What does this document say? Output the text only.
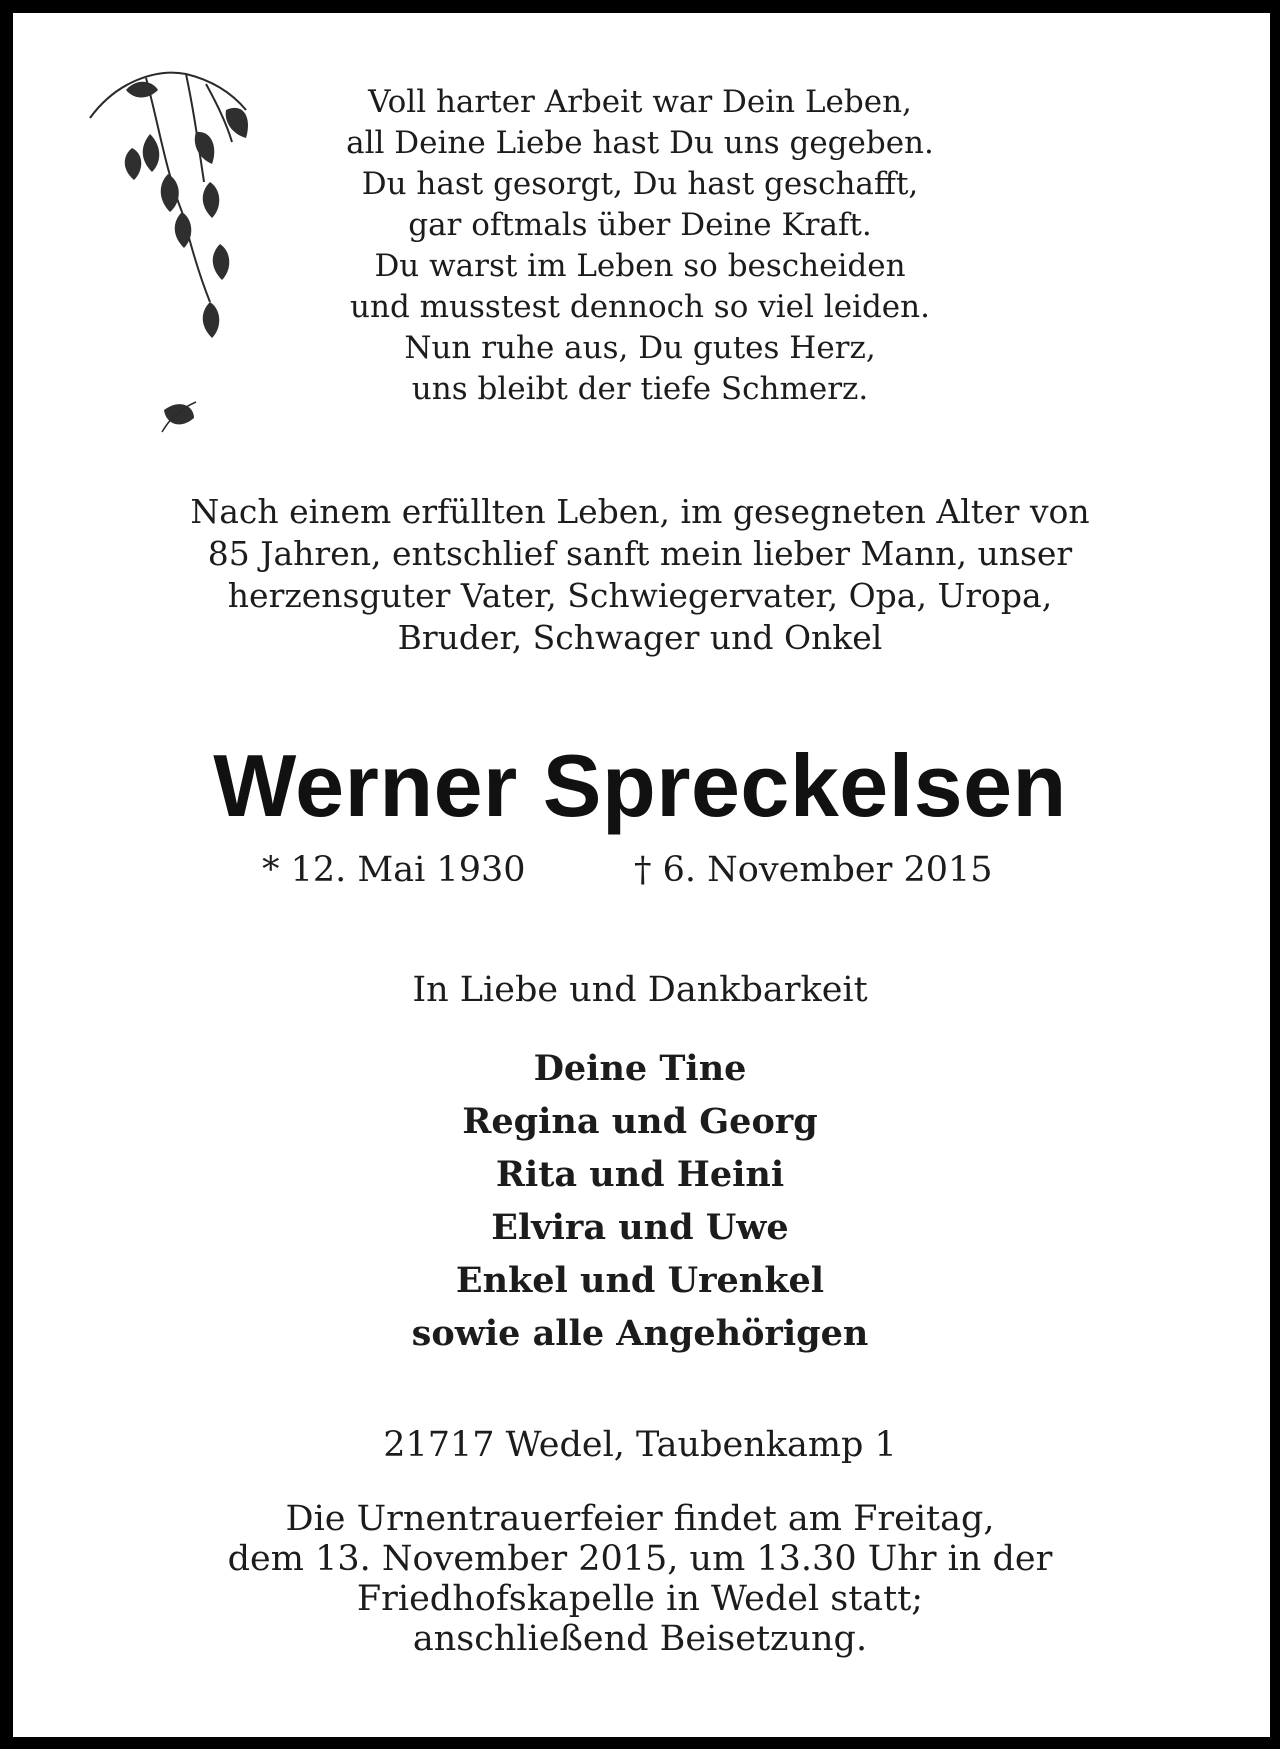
Voll harter Arbeit war Dein Leben,
all Deine Liebe hast Du uns gegeben.
Du hast gesorgt, Du hast geschafft,
gar oftmals über Deine Kraft.
Du warst im Leben so bescheiden
und musstest dennoch so viel leiden.
Nun ruhe aus, Du gutes Herz,
uns bleibt der tiefe Schmerz.
Nach einem erfüllten Leben, im gesegneten Alter von
85 Jahren, entschlief sanft mein lieber Mann, unser
herzensguter Vater, Schwiegervater, Opa, Uropa,
Bruder, Schwager und Onkel
Werner Spreckelsen
* 12. Mai 1930	† 6. November 2015
In Liebe und Dankbarkeit
Deine Tine
Regina und Georg
Rita und Heini
Elvira und Uwe
Enkel und Urenkel
sowie alle Angehörigen
21717 Wedel, Taubenkamp 1
Die Urnentrauerfeier findet am Freitag,
dem 13. November 2015, um 13.30 Uhr in der
Friedhofskapelle in Wedel statt;
anschließend Beisetzung.
